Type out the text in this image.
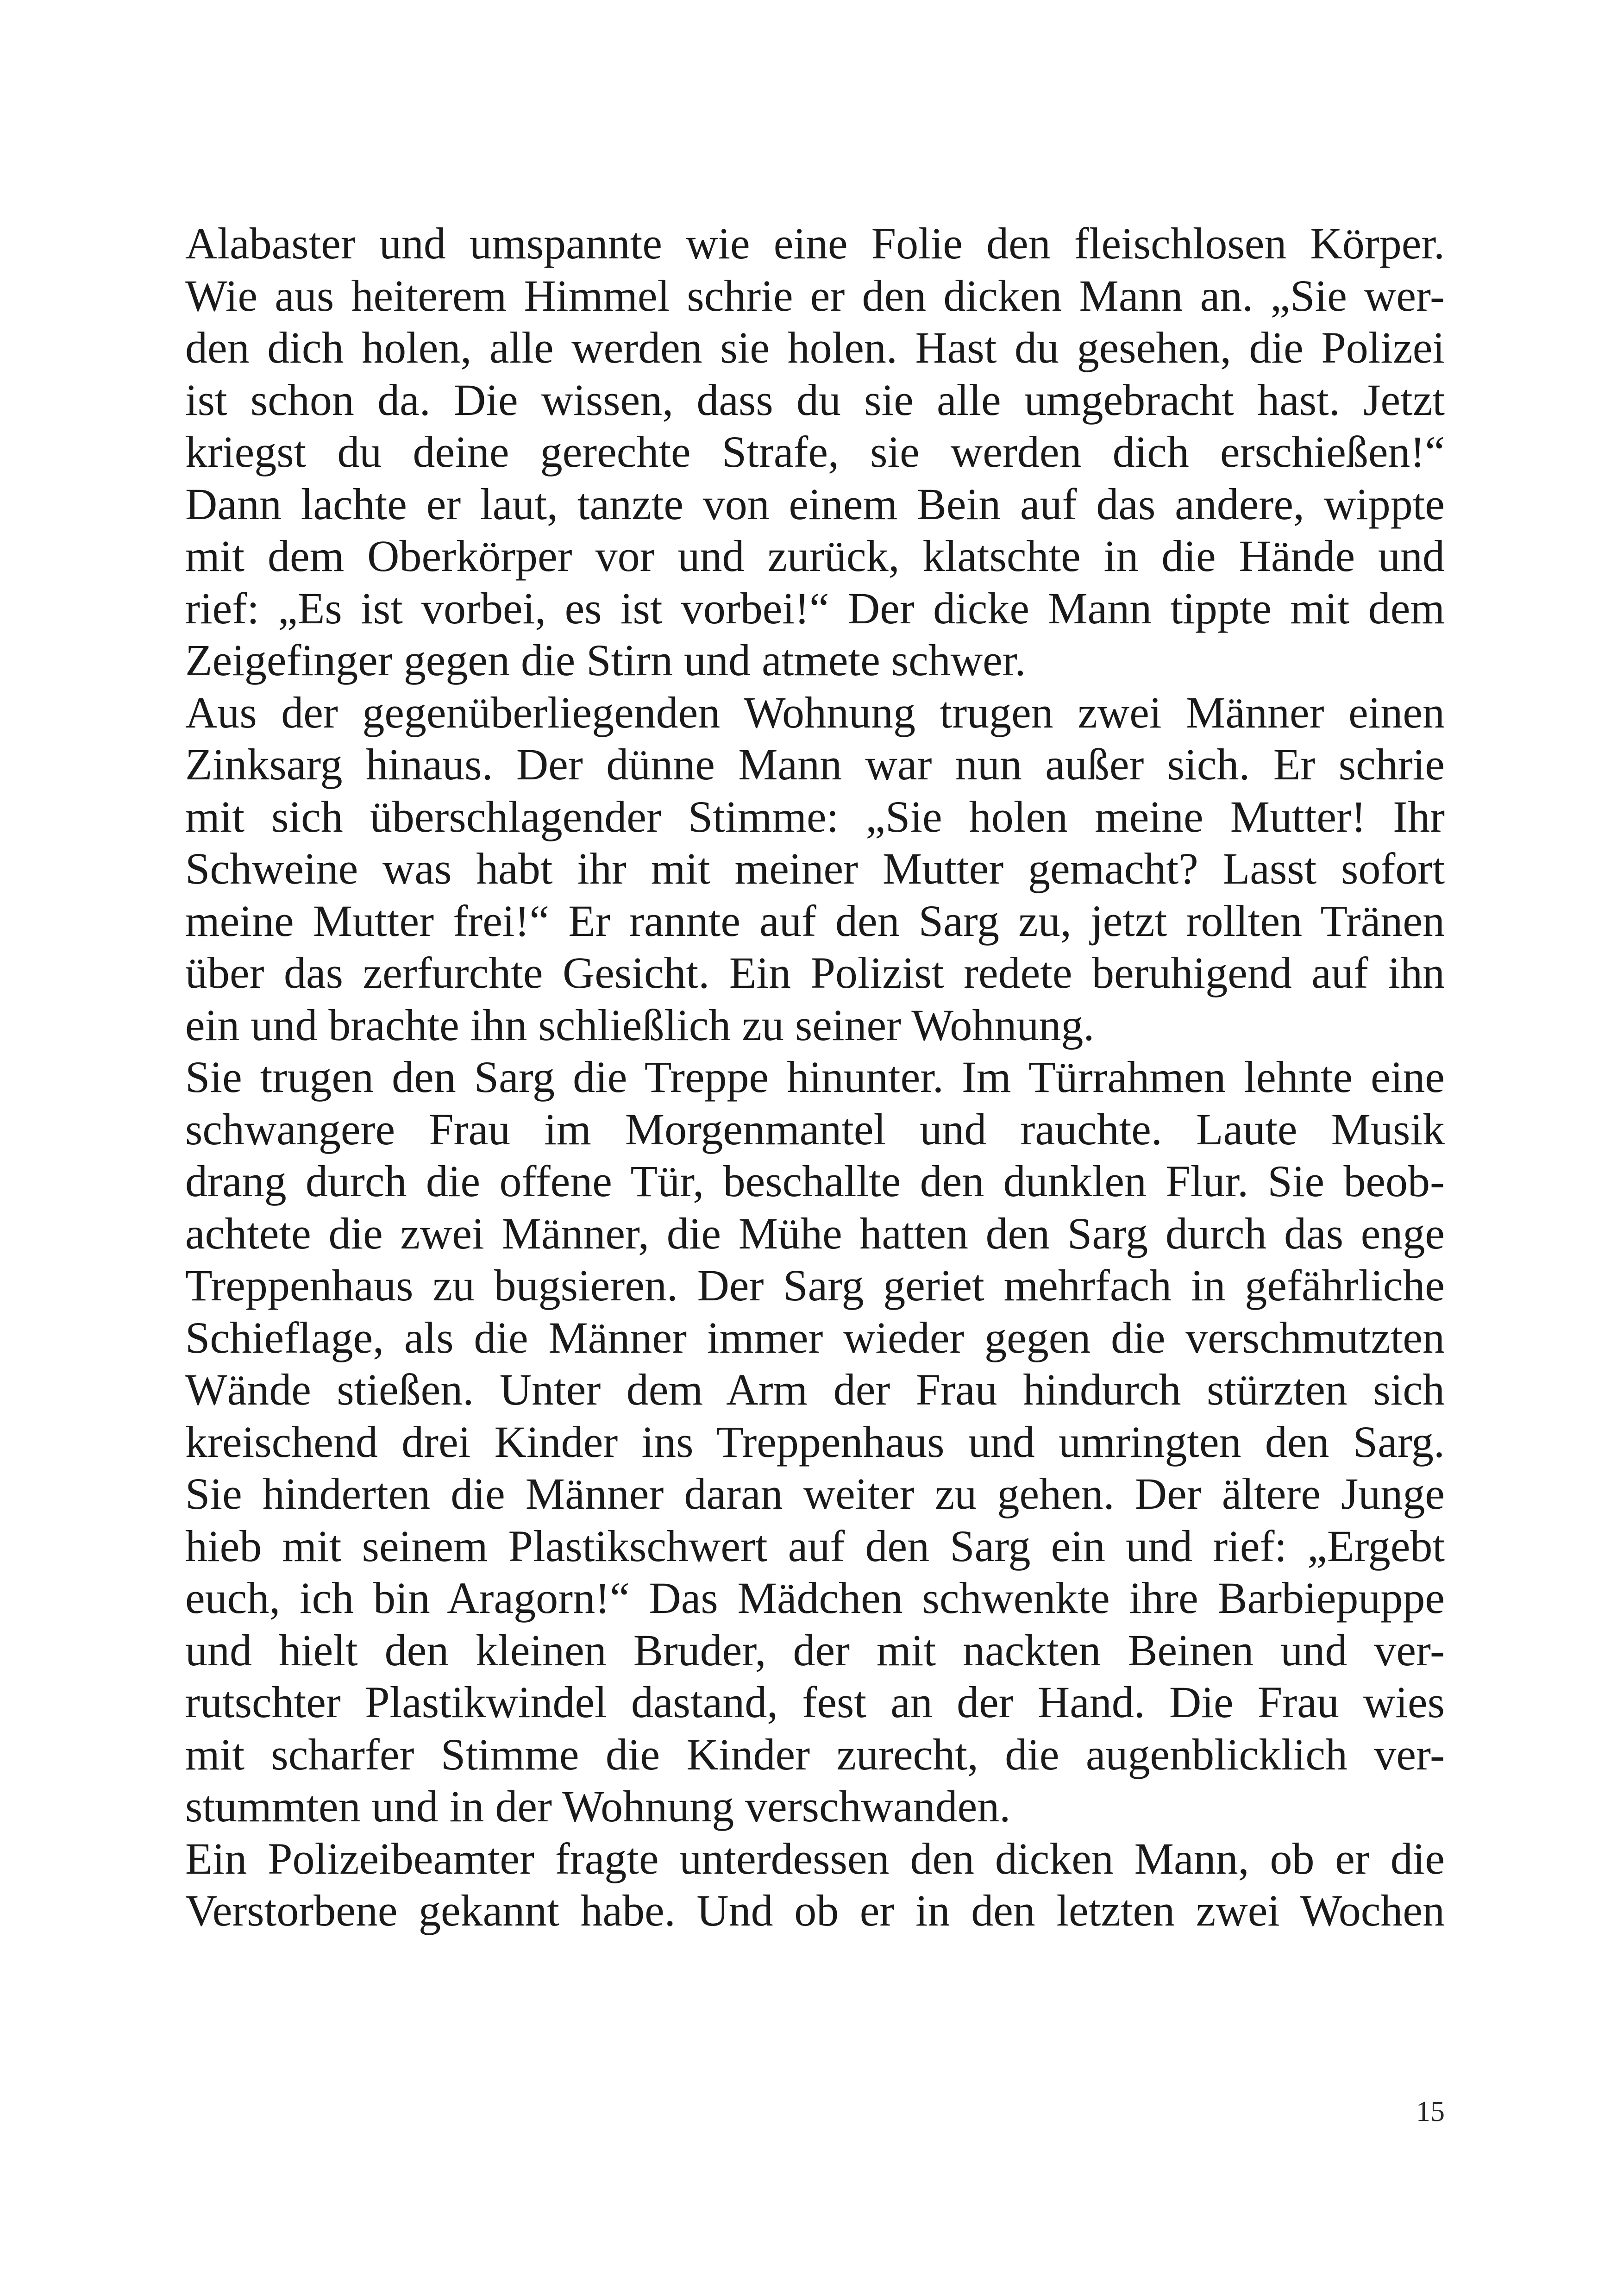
Alabaster und umspannte wie eine Folie den fleischlosen Körper.
Wie aus heiterem Himmel schrie er den dicken Mann an. „Sie wer-
den dich holen, alle werden sie holen. Hast du gesehen, die Polizei
ist schon da. Die wissen, dass du sie alle umgebracht hast. Jetzt
kriegst du deine gerechte Strafe, sie werden dich erschießen!“
Dann lachte er laut, tanzte von einem Bein auf das andere, wippte
mit dem Oberkörper vor und zurück, klatschte in die Hände und
rief: „Es ist vorbei, es ist vorbei!“ Der dicke Mann tippte mit dem
Zeigefinger gegen die Stirn und atmete schwer.
Aus der gegenüberliegenden Wohnung trugen zwei Männer einen
Zinksarg hinaus. Der dünne Mann war nun außer sich. Er schrie
mit sich überschlagender Stimme: „Sie holen meine Mutter! Ihr
Schweine was habt ihr mit meiner Mutter gemacht? Lasst sofort
meine Mutter frei!“ Er rannte auf den Sarg zu, jetzt rollten Tränen
über das zerfurchte Gesicht. Ein Polizist redete beruhigend auf ihn
ein und brachte ihn schließlich zu seiner Wohnung.
Sie trugen den Sarg die Treppe hinunter. Im Türrahmen lehnte eine
schwangere Frau im Morgenmantel und rauchte. Laute Musik
drang durch die offene Tür, beschallte den dunklen Flur. Sie beob-
achtete die zwei Männer, die Mühe hatten den Sarg durch das enge
Treppenhaus zu bugsieren. Der Sarg geriet mehrfach in gefährliche
Schieflage, als die Männer immer wieder gegen die verschmutzten
Wände stießen. Unter dem Arm der Frau hindurch stürzten sich
kreischend drei Kinder ins Treppenhaus und umringten den Sarg.
Sie hinderten die Männer daran weiter zu gehen. Der ältere Junge
hieb mit seinem Plastikschwert auf den Sarg ein und rief: „Ergebt
euch, ich bin Aragorn!“ Das Mädchen schwenkte ihre Barbiepuppe
und hielt den kleinen Bruder, der mit nackten Beinen und ver-
rutschter Plastikwindel dastand, fest an der Hand. Die Frau wies
mit scharfer Stimme die Kinder zurecht, die augenblicklich ver-
stummten und in der Wohnung verschwanden.
Ein Polizeibeamter fragte unterdessen den dicken Mann, ob er die
Verstorbene gekannt habe. Und ob er in den letzten zwei Wochen
15
